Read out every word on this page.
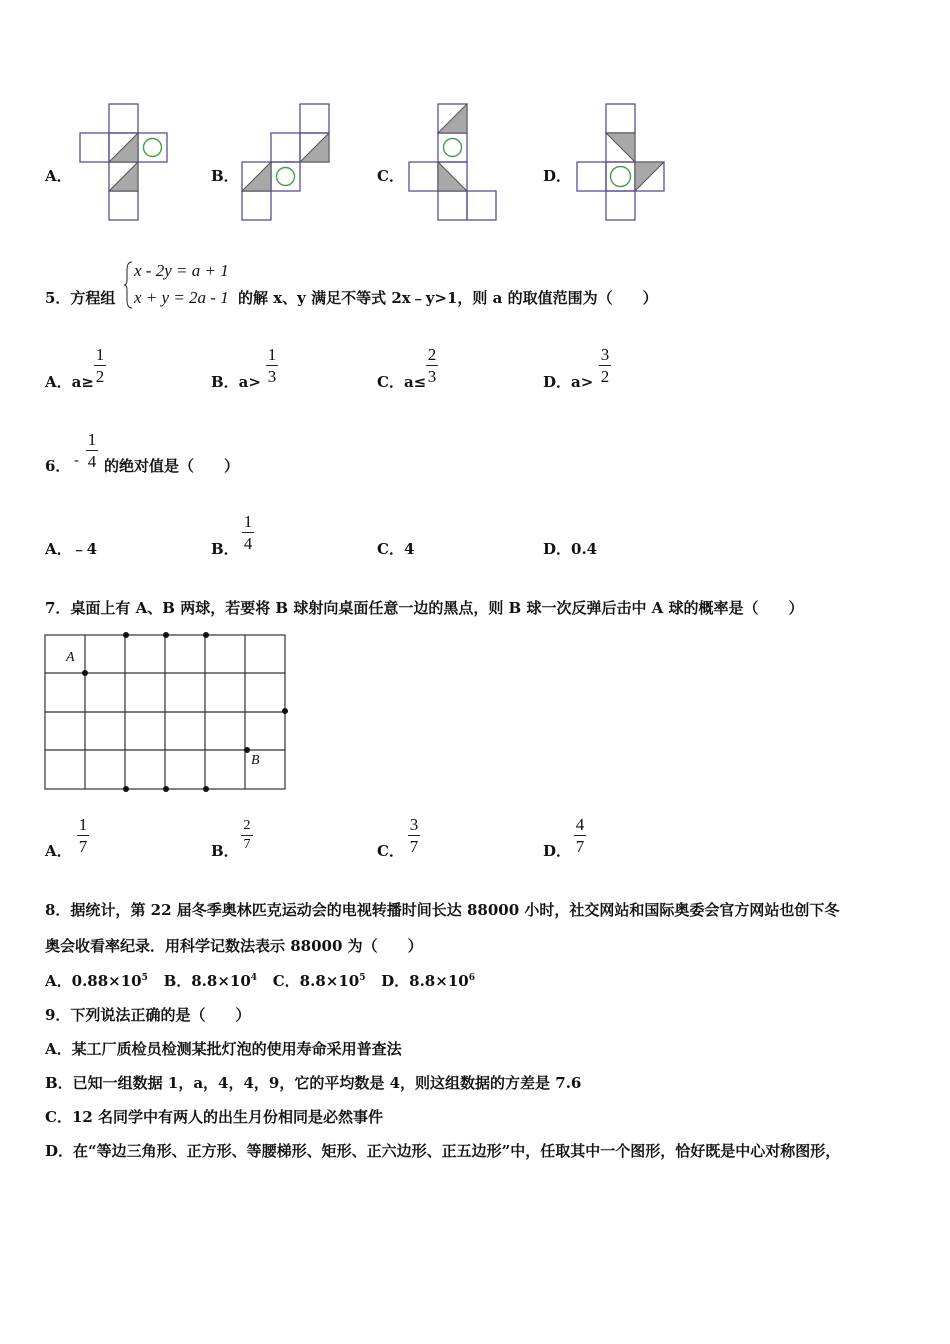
A．	B．	C．	D．
5．方程组
x - 2y = a + 1
x + y = 2a - 1 的解 x、y 满足不等式 2x﹣y>1，则 a 的取值范围为（　　）
A．a≥
1
2	B．a>
1
3	C．a≤
2
3	D．a>
3
2
6． -
1
4 的绝对值是（　　）
A．﹣4	B．
1
4	C．4	D．0.4
7．桌面上有 A、B 两球，若要将 B 球射向桌面任意一边的黑点，则 B 球一次反弹后击中 A 球的概率是（　　）
A
B
A．
1
7	B．
2
7	C．
3
7	D．
4
7
8．据统计，第 22 届冬季奥林匹克运动会的电视转播时间长达 88000 小时，社交网站和国际奥委会官方网站也创下冬
奥会收看率纪录．用科学记数法表示 88000 为（　　）
A．$0.88\times 10^5$ B．$8.8\times 10^4$ C．$8.8\times 10^5$ D．$8.8\times 10^6$
9．下列说法正确的是（　　）
A．某工厂质检员检测某批灯泡的使用寿命采用普查法
B．已知一组数据 1，a，4，4，9，它的平均数是 4，则这组数据的方差是 7.6
C．12 名同学中有两人的出生月份相同是必然事件
D．在“等边三角形、正方形、等腰梯形、矩形、正六边形、正五边形”中，任取其中一个图形，恰好既是中心对称图形，
